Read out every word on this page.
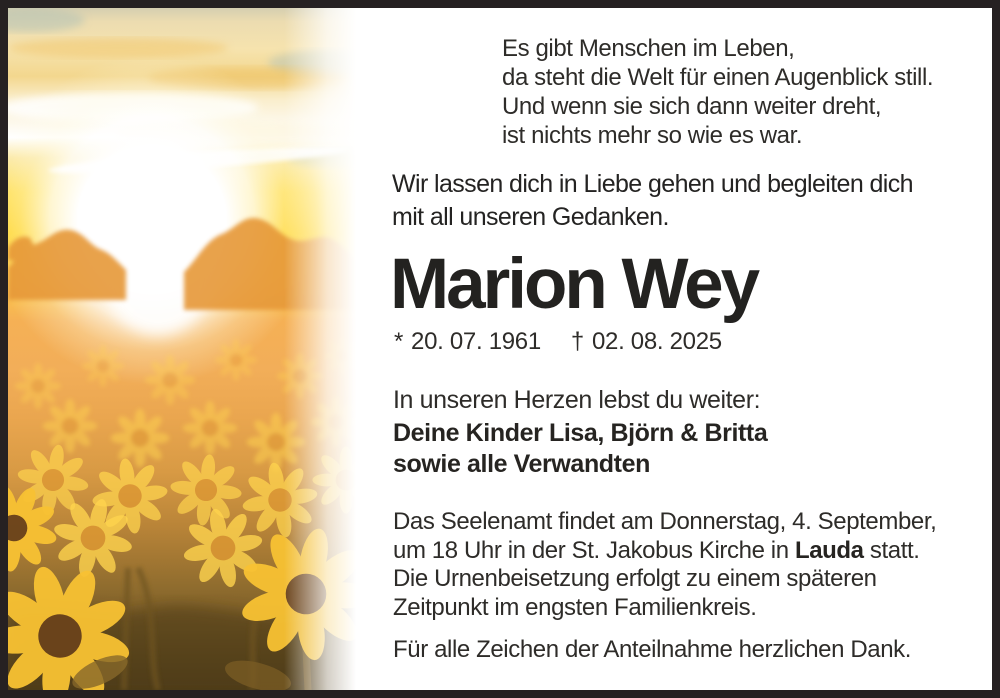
Es gibt Menschen im Leben,
da steht die Welt für einen Augenblick still.
Und wenn sie sich dann weiter dreht,
ist nichts mehr so wie es war.
Wir lassen dich in Liebe gehen und begleiten dich
mit all unseren Gedanken.
Marion Wey
* 20. 07. 1961 † 02. 08. 2025
In unseren Herzen lebst du weiter:
Deine Kinder Lisa, Björn & Britta
sowie alle Verwandten
Das Seelenamt findet am Donnerstag, 4. September,
um 18 Uhr in der St. Jakobus Kirche in Lauda statt.
Die Urnenbeisetzung erfolgt zu einem späteren
Zeitpunkt im engsten Familienkreis.
Für alle Zeichen der Anteilnahme herzlichen Dank.
